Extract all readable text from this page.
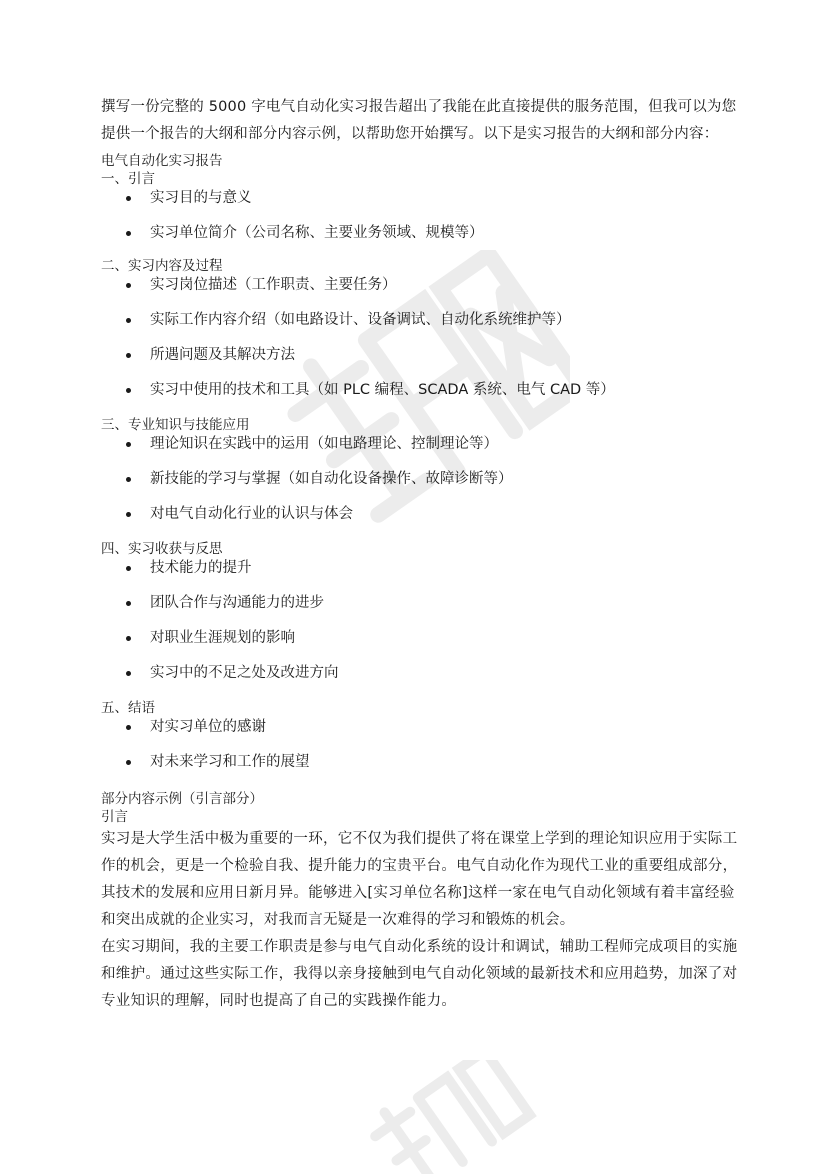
撰写一份完整的 5000 字电气自动化实习报告超出了我能在此直接提供的服务范围，但我可以为您提供一个报告的大纲和部分内容示例，以帮助您开始撰写。以下是实习报告的大纲和部分内容：

电气自动化实习报告

一、引言

实习目的与意义
实习单位简介（公司名称、主要业务领域、规模等）

二、实习内容及过程

实习岗位描述（工作职责、主要任务）
实际工作内容介绍（如电路设计、设备调试、自动化系统维护等）
所遇问题及其解决方法
实习中使用的技术和工具（如 PLC 编程、SCADA 系统、电气 CAD 等）

三、专业知识与技能应用

理论知识在实践中的运用（如电路理论、控制理论等）
新技能的学习与掌握（如自动化设备操作、故障诊断等）
对电气自动化行业的认识与体会

四、实习收获与反思

技术能力的提升
团队合作与沟通能力的进步
对职业生涯规划的影响
实习中的不足之处及改进方向

五、结语

对实习单位的感谢
对未来学习和工作的展望

部分内容示例（引言部分）

引言

实习是大学生活中极为重要的一环，它不仅为我们提供了将在课堂上学到的理论知识应用于实际工作的机会，更是一个检验自我、提升能力的宝贵平台。电气自动化作为现代工业的重要组成部分，其技术的发展和应用日新月异。能够进入[实习单位名称]这样一家在电气自动化领域有着丰富经验和突出成就的企业实习，对我而言无疑是一次难得的学习和锻炼的机会。

在实习期间，我的主要工作职责是参与电气自动化系统的设计和调试，辅助工程师完成项目的实施和维护。通过这些实际工作，我得以亲身接触到电气自动化领域的最新技术和应用趋势，加深了对专业知识的理解，同时也提高了自己的实践操作能力。
